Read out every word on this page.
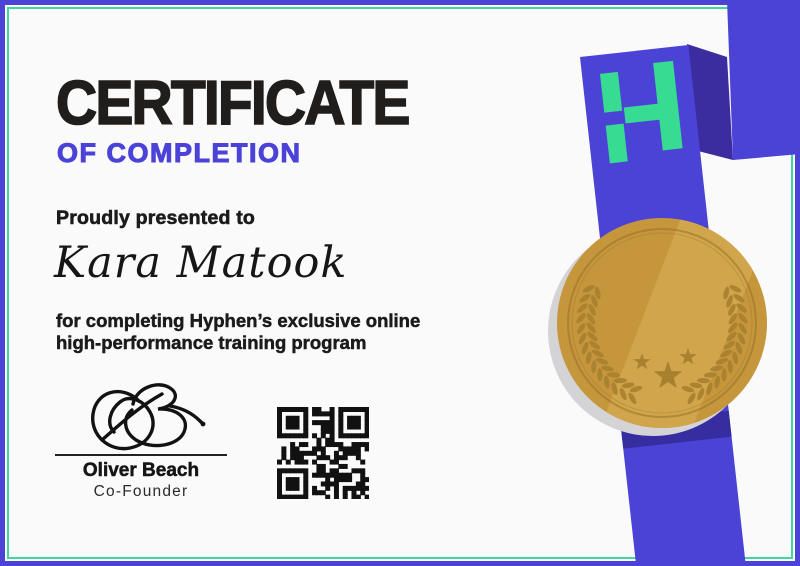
CERTIFICATE
OF COMPLETION
Proudly presented to
Kara Matook
for completing Hyphen’s exclusive online
high-performance training program
Oliver Beach
Co-Founder
